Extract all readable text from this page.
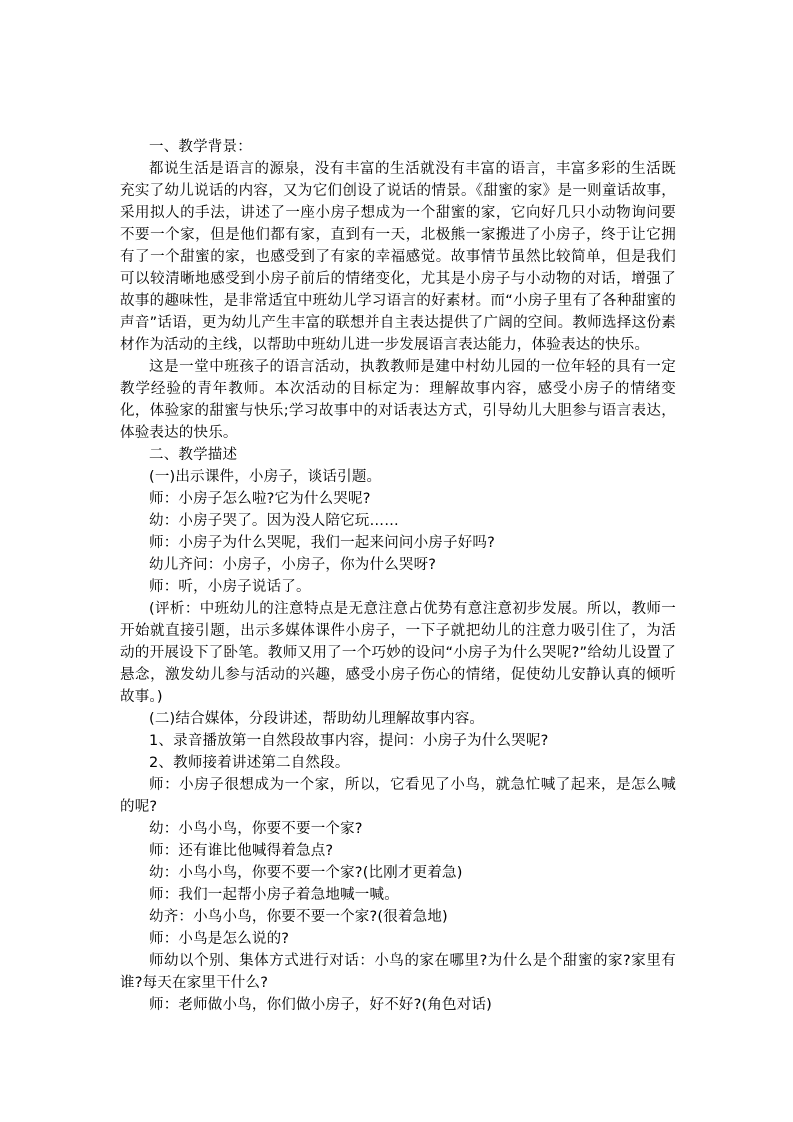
一、教学背景：

都说生活是语言的源泉，没有丰富的生活就没有丰富的语言，丰富多彩的生活既充实了幼儿说话的内容，又为它们创设了说话的情景。《甜蜜的家》是一则童话故事，采用拟人的手法，讲述了一座小房子想成为一个甜蜜的家，它向好几只小动物询问要不要一个家，但是他们都有家，直到有一天，北极熊一家搬进了小房子，终于让它拥有了一个甜蜜的家，也感受到了有家的幸福感觉。故事情节虽然比较简单，但是我们可以较清晰地感受到小房子前后的情绪变化，尤其是小房子与小动物的对话，增强了故事的趣味性，是非常适宜中班幼儿学习语言的好素材。而“小房子里有了各种甜蜜的声音”话语，更为幼儿产生丰富的联想并自主表达提供了广阔的空间。教师选择这份素材作为活动的主线，以帮助中班幼儿进一步发展语言表达能力，体验表达的快乐。

这是一堂中班孩子的语言活动，执教教师是建中村幼儿园的一位年轻的具有一定教学经验的青年教师。本次活动的目标定为：理解故事内容，感受小房子的情绪变化，体验家的甜蜜与快乐;学习故事中的对话表达方式，引导幼儿大胆参与语言表达，体验表达的快乐。

二、教学描述

(一)出示课件，小房子，谈话引题。

师：小房子怎么啦?它为什么哭呢?

幼：小房子哭了。因为没人陪它玩……

师：小房子为什么哭呢，我们一起来问问小房子好吗?

幼儿齐问：小房子，小房子，你为什么哭呀?

师：听，小房子说话了。

(评析：中班幼儿的注意特点是无意注意占优势有意注意初步发展。所以，教师一开始就直接引题，出示多媒体课件小房子，一下子就把幼儿的注意力吸引住了，为活动的开展设下了卧笔。教师又用了一个巧妙的设问“小房子为什么哭呢?”给幼儿设置了悬念，激发幼儿参与活动的兴趣，感受小房子伤心的情绪，促使幼儿安静认真的倾听故事。)

(二)结合媒体，分段讲述，帮助幼儿理解故事内容。

1、录音播放第一自然段故事内容，提问：小房子为什么哭呢?

2、教师接着讲述第二自然段。

师：小房子很想成为一个家，所以，它看见了小鸟，就急忙喊了起来，是怎么喊的呢?

幼：小鸟小鸟，你要不要一个家?

师：还有谁比他喊得着急点?

幼：小鸟小鸟，你要不要一个家?(比刚才更着急)

师：我们一起帮小房子着急地喊一喊。

幼齐：小鸟小鸟，你要不要一个家?(很着急地)

师：小鸟是怎么说的?

师幼以个别、集体方式进行对话：小鸟的家在哪里?为什么是个甜蜜的家?家里有谁?每天在家里干什么?

师：老师做小鸟，你们做小房子，好不好?(角色对话)
